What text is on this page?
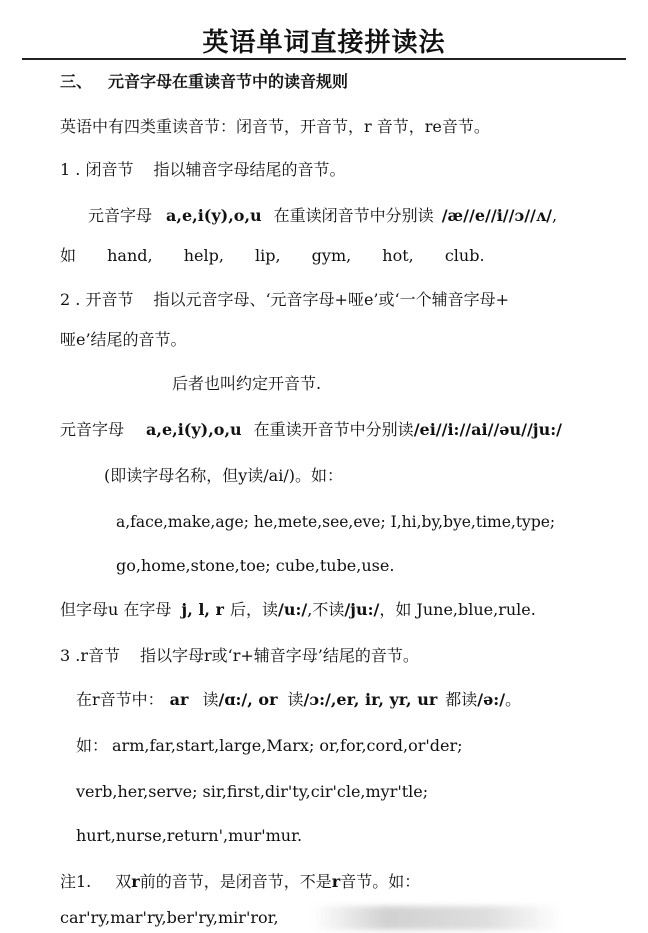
英语单词直接拼读法
三、 元音字母在重读音节中的读音规则
英语中有四类重读音节：闭音节，开音节，r 音节，re音节。
1 . 闭音节 指以辅音字母结尾的音节。
元音字母 a,e,i(y),o,u 在重读闭音节中分别读 /æ//e//i//ɔ//ʌ/,
如 hand, help, lip, gym, hot, club.
2 . 开音节 指以元音字母、‘元音字母+哑e’或‘一个辅音字母+
哑e’结尾的音节。
后者也叫约定开音节.
元音字母 a,e,i(y),o,u 在重读开音节中分别读/ei//i://ai//əu//ju:/
(即读字母名称，但y读/ai/)。如：
a,face,make,age; he,mete,see,eve; I,hi,by,bye,time,type;
go,home,stone,toe; cube,tube,use.
但字母u 在字母 j, l, r 后，读/u:/,不读/ju:/，如 June,blue,rule.
3 .r音节 指以字母r或‘r+辅音字母’结尾的音节。
在r音节中： ar 读/ɑ:/, or 读/ɔ:/,er, ir, yr, ur 都读/ə:/。
如： arm,far,start,large,Marx; or,for,cord,or'der;
verb,her,serve; sir,first,dir'ty,cir'cle,myr'tle;
hurt,nurse,return',mur'mur.
注1. 双r前的音节，是闭音节，不是r音节。如：
car'ry,mar'ry,ber'ry,mir'ror,
